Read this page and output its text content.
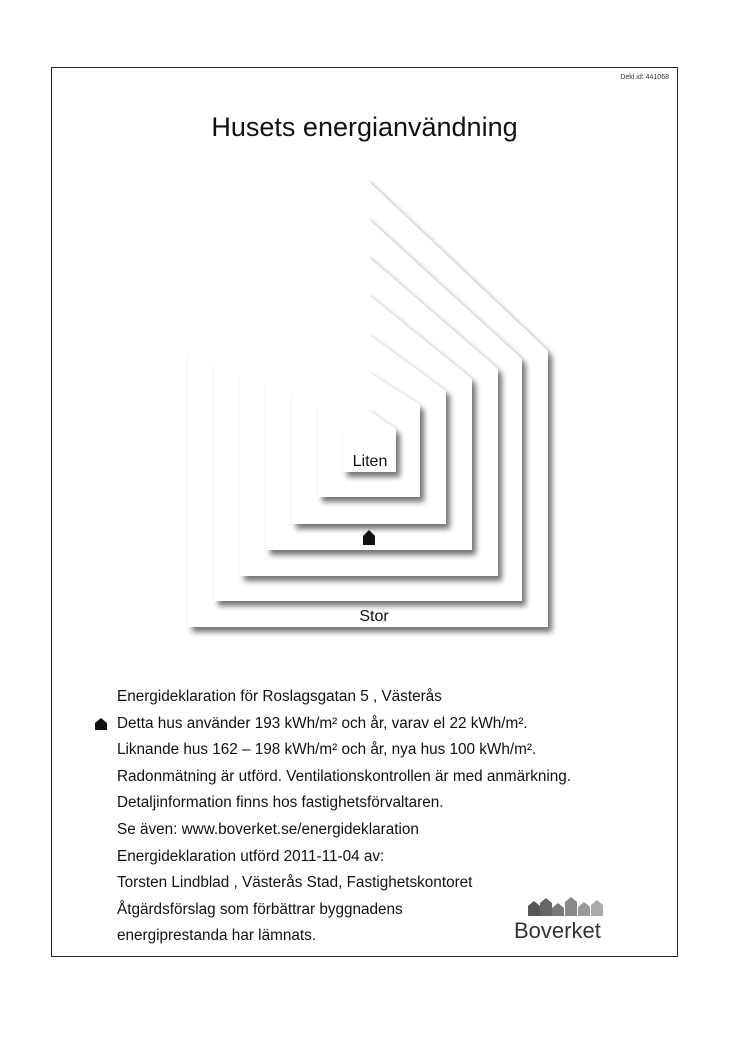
Dekl.id: 441068
Husets energianvändning
Liten
Stor
Energideklaration för Roslagsgatan 5 , Västerås
Detta hus använder 193 kWh/m² och år, varav el 22 kWh/m².
Liknande hus 162 – 198 kWh/m² och år, nya hus 100 kWh/m².
Radonmätning är utförd. Ventilationskontrollen är med anmärkning.
Detaljinformation finns hos fastighetsförvaltaren.
Se även: www.boverket.se/energideklaration
Energideklaration utförd 2011-11-04 av:
Torsten Lindblad , Västerås Stad, Fastighetskontoret
Åtgärdsförslag som förbättrar byggnadens
energiprestanda har lämnats.	Boverket
